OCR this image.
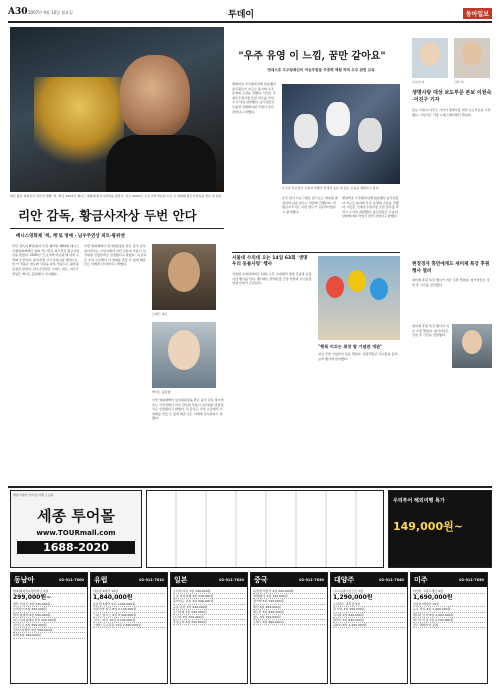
A30 2007년 9월 10일 월요일	투데이	동아일보
대만 출신 영화감독 리안이 영화 '색, 계'로 2007년 베니스 영화제 황금사자상을 받았다. 리는 2005년 '브로크백 마운틴'으로 이 영화제 황금사자상을 받은 바 있다.
리안 감독, 황금사자상 두번 안다
베니스영화제 '색, 계'로 영예 - 남우주연상 피트·왕위엔
리안 감독이 8일(현지시간) 폐막한 제64회 베니스 국제영화제에서 영화 '색, 계'로 최고상인 황금사자상을 받았다. 2005년 '브로크백 마운틴'에 이어 두 번째 수상이다. 중일전쟁 시기 상하이를 배경으로 한 이 작품은 첩보와 사랑을 다룬 작품으로 평단의 호평을 받았다. 남우주연상은 브래드 피트, 여우주연상은 케이트 블란쳇이 차지했다.
이번 영화제에서 심사위원장을 맡은 중국 감독 장이머우는 시상식에서 리안 감독의 작품이 심사위원 만장일치로 선정됐다고 밝혔다. 리 감독은 수상 소감에서 이 영화를 만들 수 있게 해준 모든 이에게 감사한다고 말했다.
브래드 피트
케이트 블란쳇
이번 영화제에서 심사위원장을 맡은 중국 감독 장이머우는 시상식에서 리안 감독의 작품이 심사위원 만장일치로 선정됐다고 밝혔다. 리 감독은 수상 소감에서 이 영화를 만들 수 있게 해준 모든 이에게 감사한다고 말했다.
"우주 유영 이 느낌, 꿈만 같아요"
엔데스호 우주왕복선의 여승무원들 무중력 체험 하며 우주 관련 교육
엔데버호 우주왕복선에 탑승했던 승무원들이 지구로 돌아와 우주 유영의 소감을 전했다. 이들은 국제우주정거장 조립 임무를 마치고 무사히 귀환했다. 승무원들은 무중력 상태에서의 작업이 꿈만 같았다고 말했다.
우주인 후보들이 무중력 비행기 안에서 둥둥 떠 있는 모습을 체험하고 있다.
우주 탐사 프로그램은 앞으로도 계속될 예정이며 다음 임무는 연말에 진행된다. 미 항공우주국은 이번 임무가 성공적이었다고 평가했다.
엔데버호 우주왕복선에 탑승했던 승무원들이 지구로 돌아와 우주 유영의 소감을 전했다. 이들은 국제우주정거장 조립 임무를 마치고 무사히 귀환했다. 승무원들은 무중력 상태에서의 작업이 꿈만 같았다고 말했다.
서울대 수의대 오는 14일 63회 '생명 우리 동물사랑' 행사
서울대 수의과대학은 14일 오후 교내에서 생명 존중과 동물 사랑 행사를 연다. 행사에는 반려동물 건강 상담과 유기동물 입양 안내가 포함된다.
"행복 이끄는 최장 탑 기념관 개관"
지난 주말 기념관이 문을 열었다. 관람객들은 전시물을 둘러보며 행사에 참여했다.
이소연 씨	고산 씨
생명사랑 대상 보도부문 본보 이원숙·이진구 기자
본보 이원숙·이진구 기자가 생명사랑 대상 보도부문을 수상했다. 시상식은 서울 프레스센터에서 열린다.
현정경자 휴먼에게도 새미제 특강 후원행사 열려
새미제 후원 특강 행사가 지난 주말 열렸다. 참가자들은 강연 후 기금을 전달했다.
새미제 후원 특강 행사가 지난 주말 열렸다. 참가자들은 강연 후 기금을 전달했다.
세종여행사 인터넷 여행 쇼핑몰
세종 투어몰
www.TOURmall.com
1688-2020
우리투어 해외여행 특가
149,000원~
동남아	02-311-7000
방콕/파타야+알카자쇼 5일
299,000원~
세부 리조트 4일 349,000원
보라카이 5일 399,000원
발리 풀빌라 6일 599,000원
하노이/하롱베이 5일 449,000원
싱가포르 4일 499,000원
코타키나발루 5일 549,000원
푸켓 5일 399,000원
유럽	02-311-7010
서유럽 4개국 10일
1,840,000원
동유럽 5개국 9일 1,990,000원
이탈리아 일주 8일 2,190,000원
스위스 알프스 9일 2,490,000원
그리스·터키 10일 2,290,000원
스페인 포르투갈 11일 2,690,000원
일본	02-311-7020
오사카/교토 3일 399,000원
도쿄 자유여행 3일 349,000원
홋카이도 온천 4일 699,000원
규슈 온천 3일 449,000원
오키나와 4일 599,000원
나고야 3일 429,000원
후쿠오카 2일 259,000원
중국	02-311-7030
북경/만리장성 4일 299,000원
상해/항주 4일 349,000원
장가계 5일 599,000원
계림 5일 499,000원
백두산 5일 699,000원
청도 3일 199,000원
구채구 6일 899,000원
대양주	02-311-7040
시드니/골드코스트 7일
1,290,000원
뉴질랜드 남북섬 9일
괌 자유 4일 599,000원
사이판 4일 649,000원
팔라우 5일 899,000원
하와이 6일 1,490,000원
미주	02-311-7050
미서부 그랜드캐년 9일
1,690,000원
미동부/캐나다 10일
뉴욕 자유 6일 1,390,000원
캐나다 로키 8일 1,990,000원
멕시코 칸쿤 7일 1,790,000원
골프 해외투어 문의
